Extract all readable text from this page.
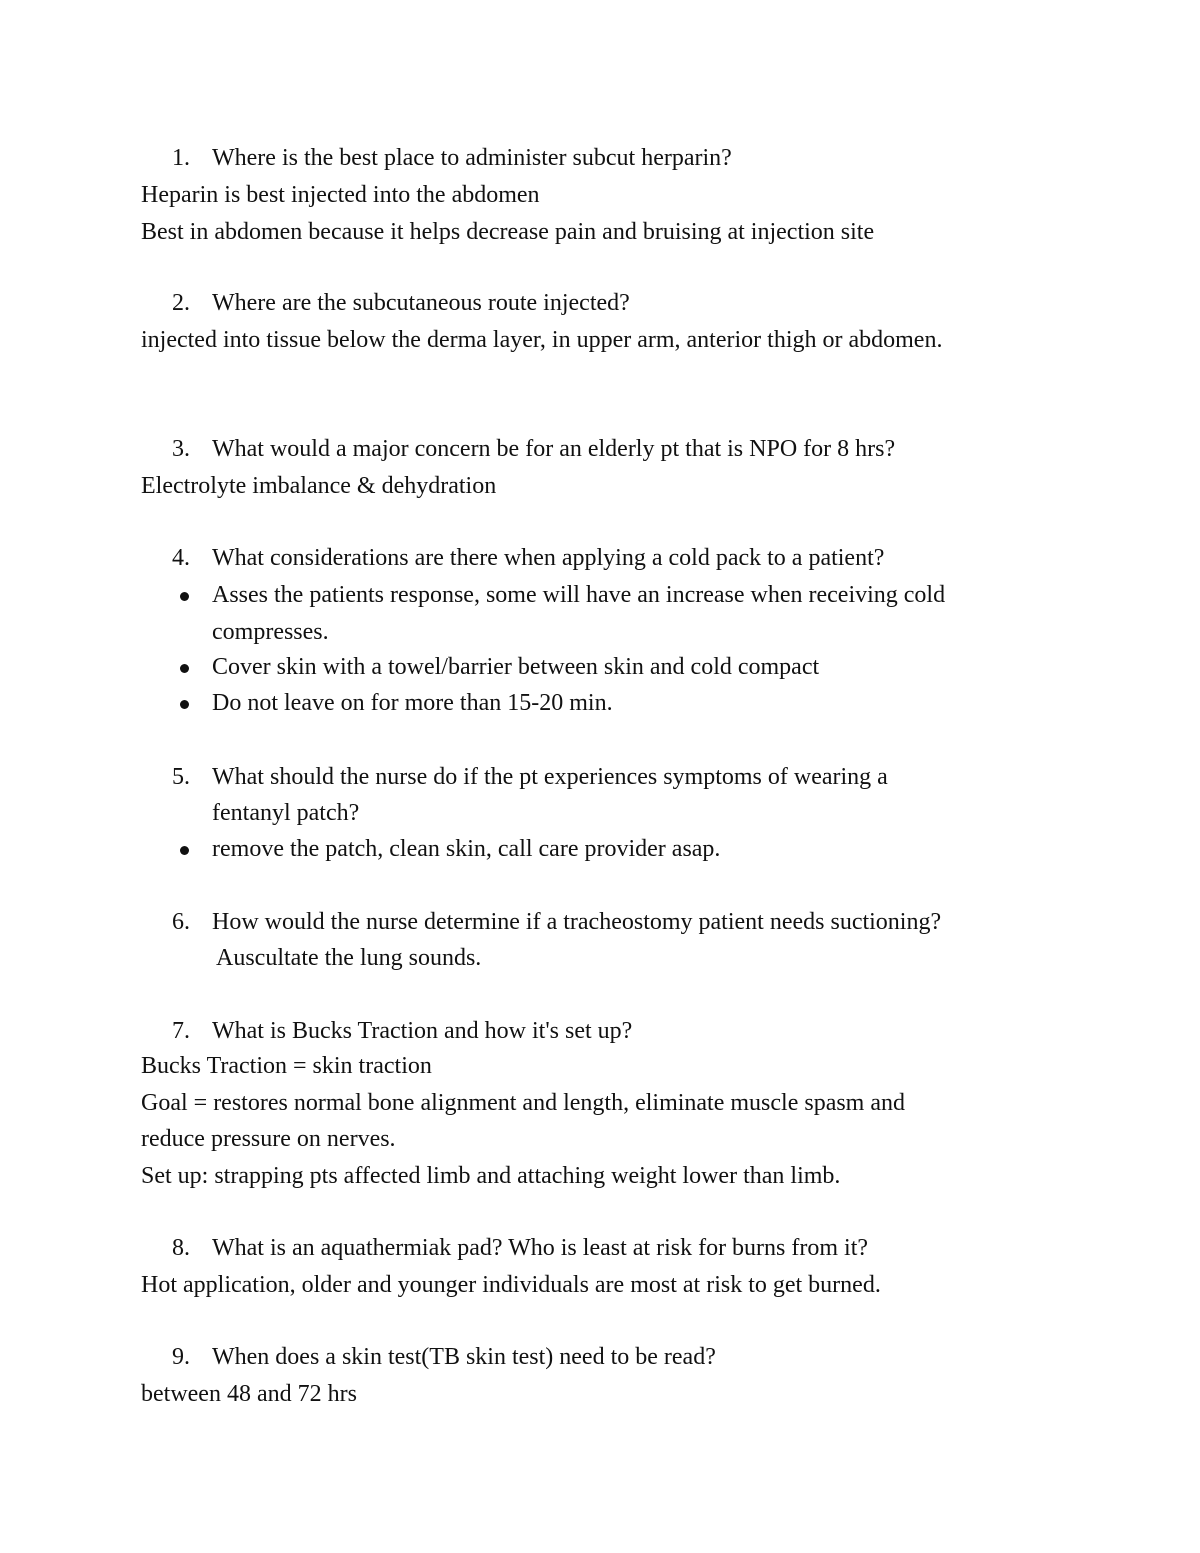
1. Where is the best place to administer subcut herparin?
Heparin is best injected into the abdomen
Best in abdomen because it helps decrease pain and bruising at injection site
2. Where are the subcutaneous route injected?
injected into tissue below the derma layer, in upper arm, anterior thigh or abdomen.
3. What would a major concern be for an elderly pt that is NPO for 8 hrs?
Electrolyte imbalance & dehydration
4. What considerations are there when applying a cold pack to a patient?
Asses the patients response, some will have an increase when receiving cold
compresses.
Cover skin with a towel/barrier between skin and cold compact
Do not leave on for more than 15-20 min.
5. What should the nurse do if the pt experiences symptoms of wearing a
fentanyl patch?
remove the patch, clean skin, call care provider asap.
6. How would the nurse determine if a tracheostomy patient needs suctioning?
Auscultate the lung sounds.
7. What is Bucks Traction and how it's set up?
Bucks Traction = skin traction
Goal = restores normal bone alignment and length, eliminate muscle spasm and
reduce pressure on nerves.
Set up: strapping pts affected limb and attaching weight lower than limb.
8. What is an aquathermiak pad? Who is least at risk for burns from it?
Hot application, older and younger individuals are most at risk to get burned.
9. When does a skin test(TB skin test) need to be read?
between 48 and 72 hrs
